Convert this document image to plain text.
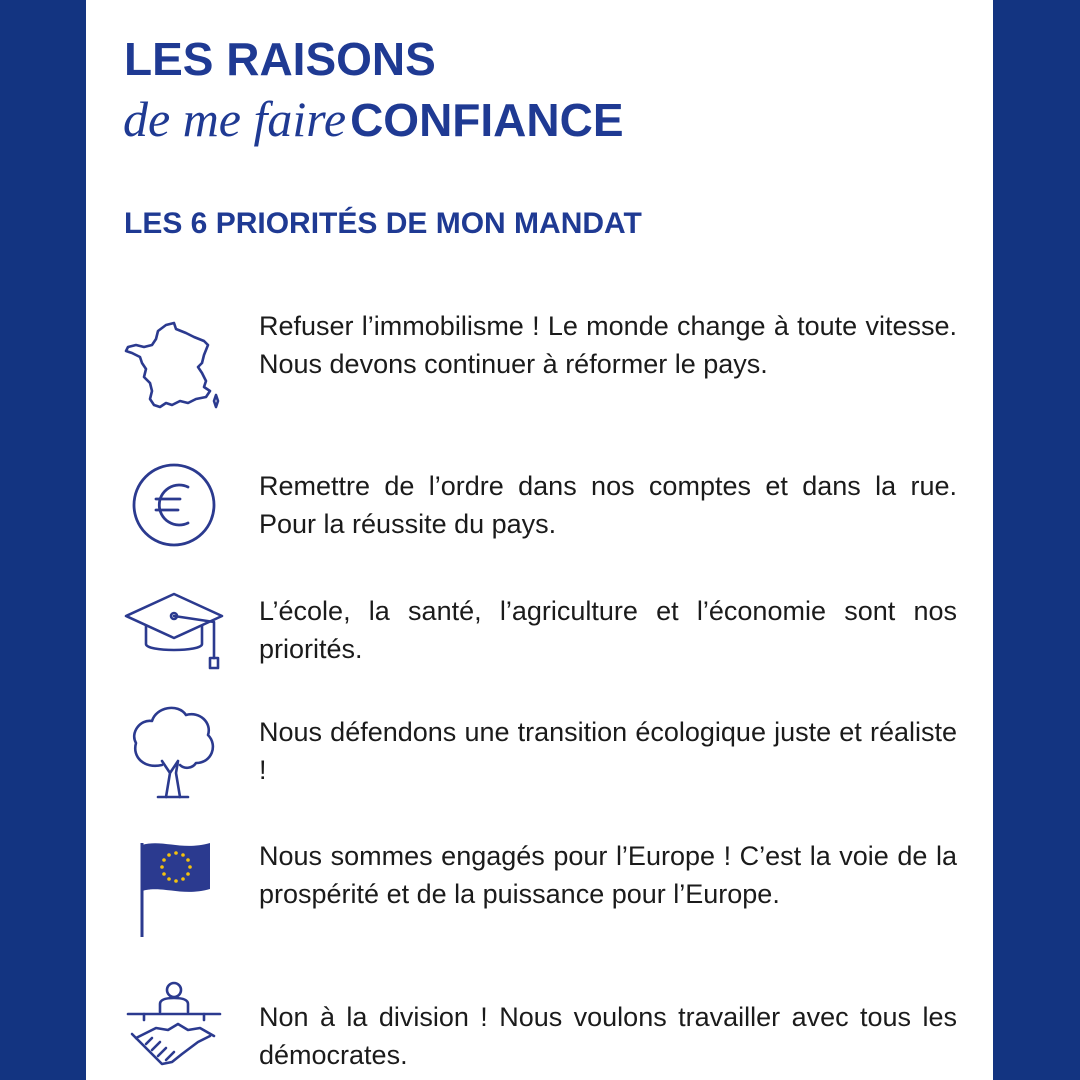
LES RAISONS
de me faire CONFIANCE
LES 6 PRIORITÉS DE MON MANDAT
Refuser l’immobilisme ! Le monde change à toute vitesse. Nous devons continuer à réformer le pays.
Remettre de l’ordre dans nos comptes et dans la rue. Pour la réussite du pays.
L’école, la santé, l’agriculture et l’économie sont nos priorités.
Nous défendons une transition écologique juste et réaliste !
Nous sommes engagés pour l’Europe ! C’est la voie de la prospérité et de la puissance pour l’Europe.
Non à la division ! Nous voulons travailler avec tous les démocrates.
